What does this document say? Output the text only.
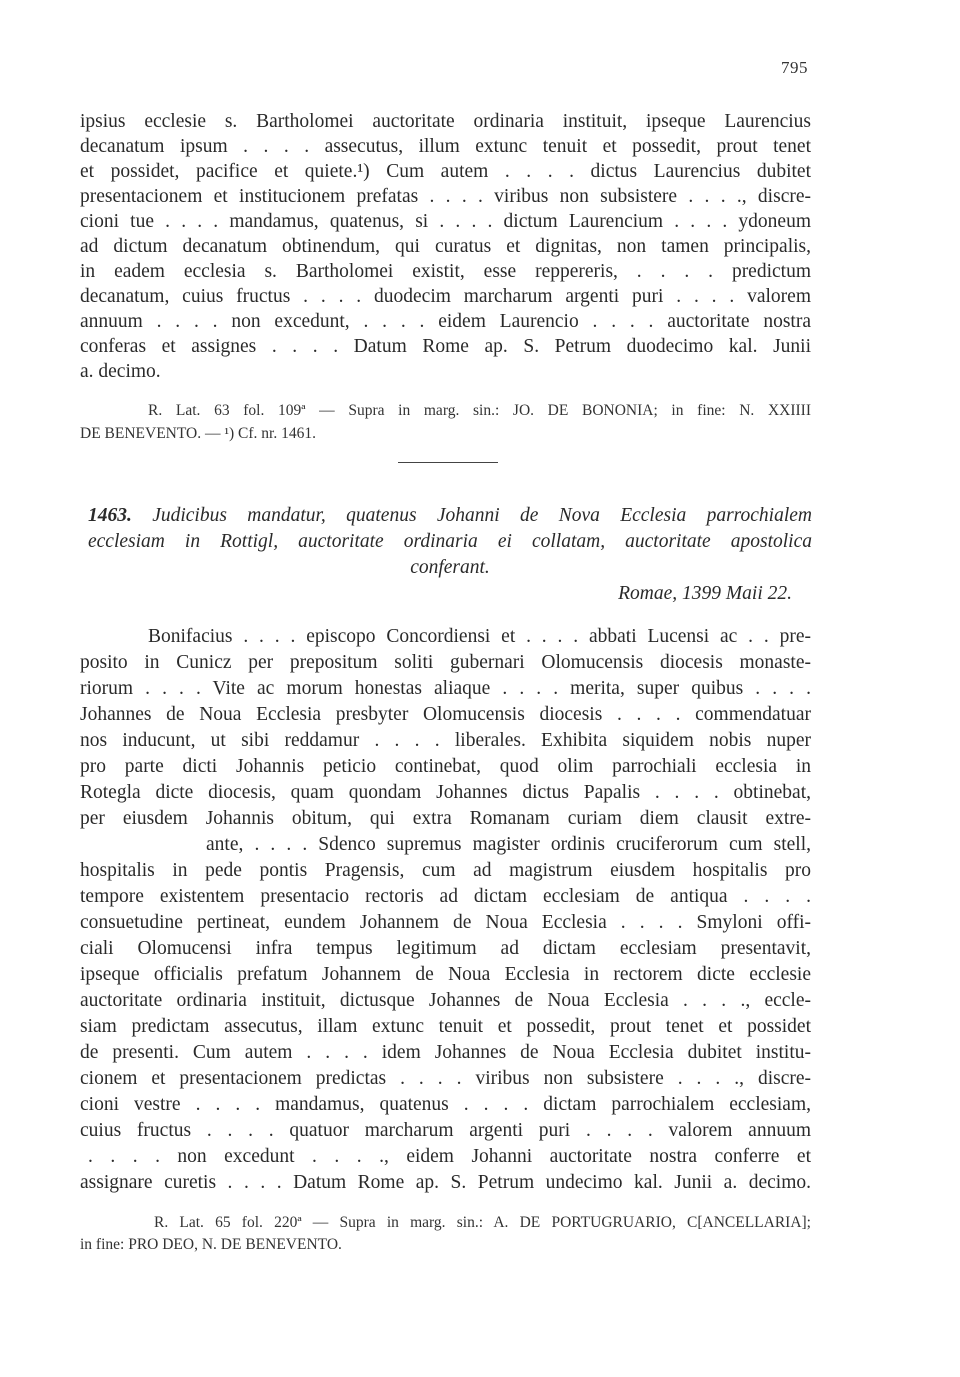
795
ipsius ecclesie s. Bartholomei auctoritate ordinaria instituit, ipseque Laurencius
decanatum ipsum . . . . assecutus, illum extunc tenuit et possedit, prout tenet
et possidet, pacifice et quiete.¹) Cum autem . . . . dictus Laurencius dubitet
presentacionem et institucionem prefatas . . . . viribus non subsistere . . . ., discre-
cioni tue . . . . mandamus, quatenus, si . . . . dictum Laurencium . . . . ydoneum
ad dictum decanatum obtinendum, qui curatus et dignitas, non tamen principalis,
in eadem ecclesia s. Bartholomei existit, esse reppereris, . . . . predictum
decanatum, cuius fructus . . . . duodecim marcharum argenti puri . . . . valorem
annuum . . . . non excedunt, . . . . eidem Laurencio . . . . auctoritate nostra
conferas et assignes . . . . Datum Rome ap. S. Petrum duodecimo kal. Junii
a. decimo.
R. Lat. 63 fol. 109ª — Supra in marg. sin.: JO. DE BONONIA; in fine: N. XXIIII
DE BENEVENTO. — ¹) Cf. nr. 1461.
1463. Judicibus mandatur, quatenus Johanni de Nova Ecclesia parrochialem
ecclesiam in Rottigl, auctoritate ordinaria ei collatam, auctoritate apostolica
conferant.
Romae, 1399 Maii 22.
Bonifacius . . . . episcopo Concordiensi et . . . . abbati Lucensi ac . . pre-
posito in Cunicz per prepositum soliti gubernari Olomucensis diocesis monaste-
riorum . . . . Vite ac morum honestas aliaque . . . . merita, super quibus . . . .
Johannes de Noua Ecclesia presbyter Olomucensis diocesis . . . . commendatuar
nos inducunt, ut sibi reddamur . . . . liberales. Exhibita siquidem nobis nuper
pro parte dicti Johannis peticio continebat, quod olim parrochiali ecclesia in
Rotegla dicte diocesis, quam quondam Johannes dictus Papalis . . . . obtinebat,
per eiusdem Johannis obitum, qui extra Romanam curiam diem clausit extre-
ante, . . . . Sdenco supremus magister ordinis cruciferorum cum stell,
hospitalis in pede pontis Pragensis, cum ad magistrum eiusdem hospitalis pro
tempore existentem presentacio rectoris ad dictam ecclesiam de antiqua . . . .
consuetudine pertineat, eundem Johannem de Noua Ecclesia . . . . Smyloni offi-
ciali Olomucensi infra tempus legitimum ad dictam ecclesiam presentavit,
ipseque officialis prefatum Johannem de Noua Ecclesia in rectorem dicte ecclesie
auctoritate ordinaria instituit, dictusque Johannes de Noua Ecclesia . . . ., eccle-
siam predictam assecutus, illam extunc tenuit et possedit, prout tenet et possidet
de presenti. Cum autem . . . . idem Johannes de Noua Ecclesia dubitet institu-
cionem et presentacionem predictas . . . . viribus non subsistere . . . ., discre-
cioni vestre . . . . mandamus, quatenus . . . . dictam parrochialem ecclesiam,
cuius fructus . . . . quatuor marcharum argenti puri . . . . valorem annuum
. . . . non excedunt . . . ., eidem Johanni auctoritate nostra conferre et
assignare curetis . . . . Datum Rome ap. S. Petrum undecimo kal. Junii a. decimo.
R. Lat. 65 fol. 220ª — Supra in marg. sin.: A. DE PORTUGRUARIO, C[ANCELLARIA];
in fine: PRO DEO, N. DE BENEVENTO.
